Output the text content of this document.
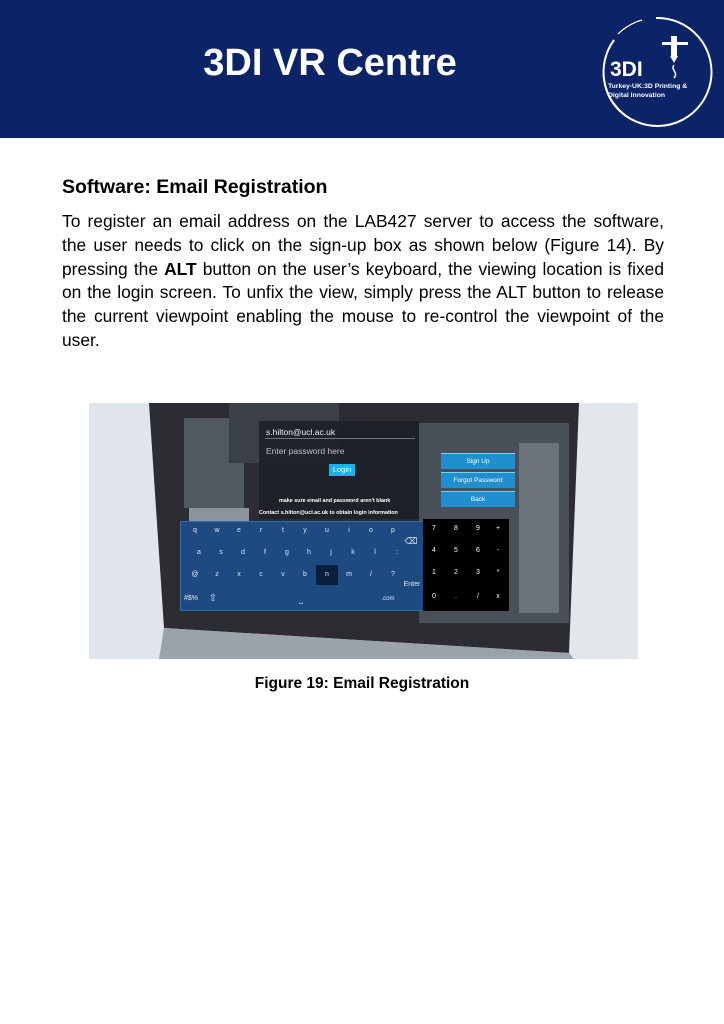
3DI VR Centre	3DI
Turkey-UK:3D Printing &
Digital Innovation
Software: Email Registration
To register an email address on the LAB427 server to access the software, the user needs to click on the sign-up box as shown below (Figure 14). By pressing the ALT button on the user’s keyboard, the viewing location is fixed on the login screen. To unfix the view, simply press the ALT button to release the current viewpoint enabling the mouse to re-control the viewpoint of the user.
s.hilton@ucl.ac.uk
Enter password here
Login
make sure email and password aren't blank
Contact s.hilton@ucl.ac.uk to obtain login information
Sign Up
Forgot Password
Back
q	w	e	r	t	y	u	i	o	p
⌫
a	s	d	f	g	h	j	k	l	:
@	z	x	c	v	b	n	m	/	?
#$%	⇧	⎵	.com
Enter
7	8	9	+
4	5	6	-
1	2	3	*
0	.	/	x
Figure 19: Email Registration
